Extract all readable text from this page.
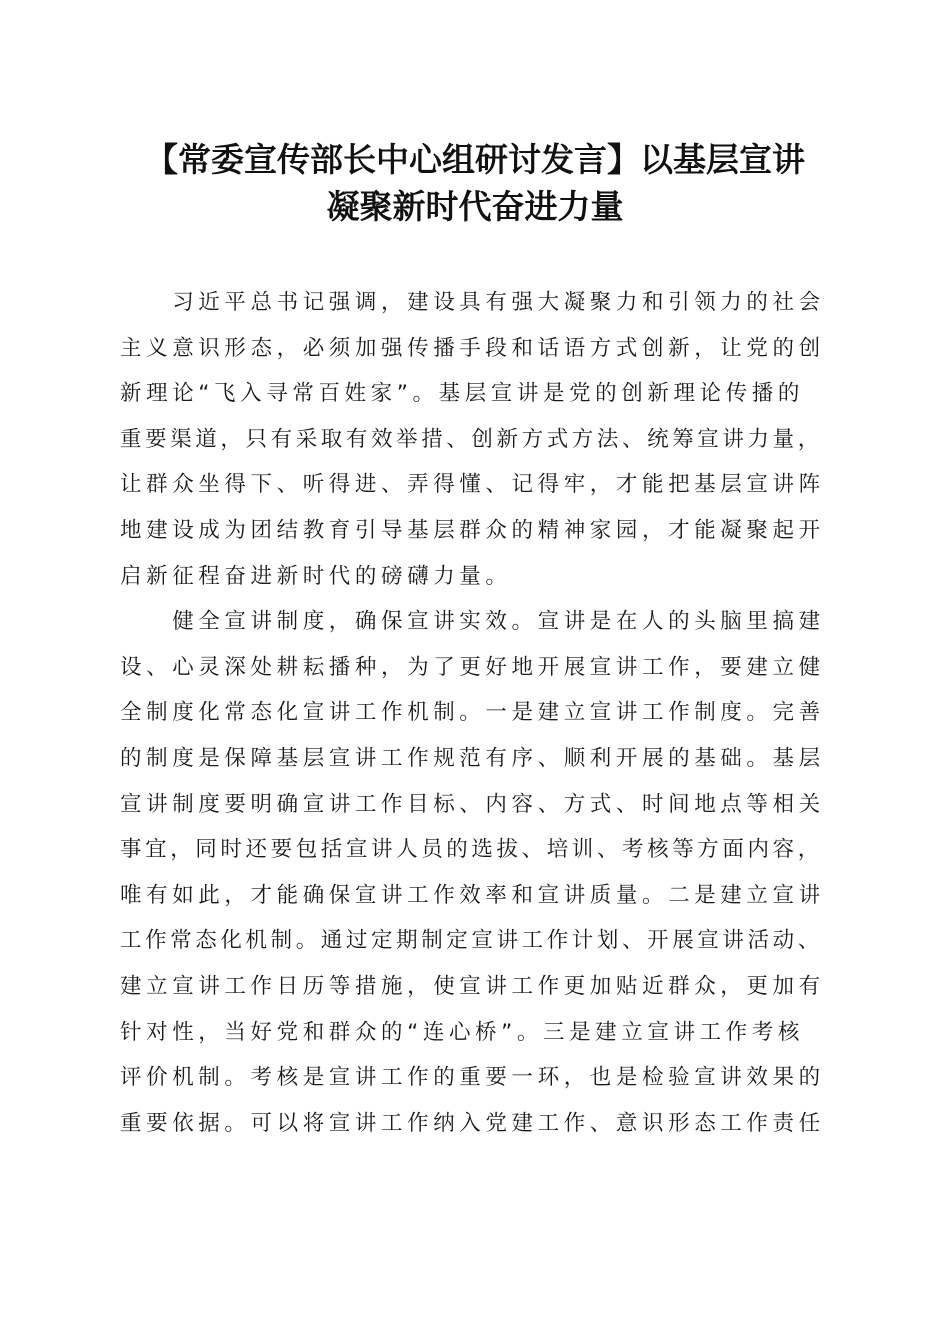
【常委宣传部长中心组研讨发言】以基层宣讲
凝聚新时代奋进力量
　　习近平总书记强调，建设具有强大凝聚力和引领力的社会
主义意识形态，必须加强传播手段和话语方式创新，让党的创
新理论“飞入寻常百姓家”。基层宣讲是党的创新理论传播的
重要渠道，只有采取有效举措、创新方式方法、统筹宣讲力量，
让群众坐得下、听得进、弄得懂、记得牢，才能把基层宣讲阵
地建设成为团结教育引导基层群众的精神家园，才能凝聚起开
启新征程奋进新时代的磅礴力量。
　　健全宣讲制度，确保宣讲实效。宣讲是在人的头脑里搞建
设、心灵深处耕耘播种，为了更好地开展宣讲工作，要建立健
全制度化常态化宣讲工作机制。一是建立宣讲工作制度。完善
的制度是保障基层宣讲工作规范有序、顺利开展的基础。基层
宣讲制度要明确宣讲工作目标、内容、方式、时间地点等相关
事宜，同时还要包括宣讲人员的选拔、培训、考核等方面内容，
唯有如此，才能确保宣讲工作效率和宣讲质量。二是建立宣讲
工作常态化机制。通过定期制定宣讲工作计划、开展宣讲活动、
建立宣讲工作日历等措施，使宣讲工作更加贴近群众，更加有
针对性，当好党和群众的“连心桥”。三是建立宣讲工作考核
评价机制。考核是宣讲工作的重要一环，也是检验宣讲效果的
重要依据。可以将宣讲工作纳入党建工作、意识形态工作责任
